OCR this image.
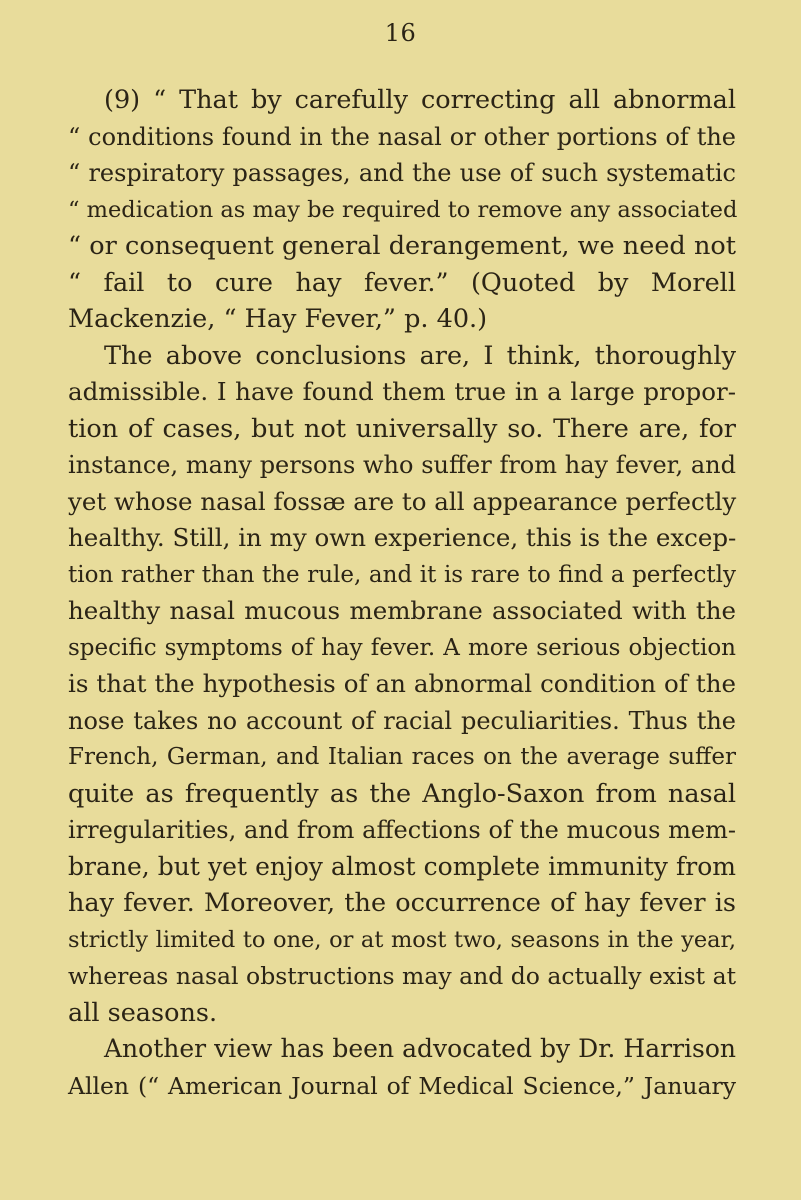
16
(9) “ That by carefully correcting all abnormal
“ conditions found in the nasal or other portions of the
“ respiratory passages, and the use of such systematic
“ medication as may be required to remove any associated
“ or consequent general derangement, we need not
“ fail to cure hay fever.” (Quoted by Morell
Mackenzie, “ Hay Fever,” p. 40.)
The above conclusions are, I think, thoroughly
admissible. I have found them true in a large propor-
tion of cases, but not universally so. There are, for
instance, many persons who suffer from hay fever, and
yet whose nasal fossæ are to all appearance perfectly
healthy. Still, in my own experience, this is the excep-
tion rather than the rule, and it is rare to find a perfectly
healthy nasal mucous membrane associated with the
specific symptoms of hay fever. A more serious objection
is that the hypothesis of an abnormal condition of the
nose takes no account of racial peculiarities. Thus the
French, German, and Italian races on the average suffer
quite as frequently as the Anglo-Saxon from nasal
irregularities, and from affections of the mucous mem-
brane, but yet enjoy almost complete immunity from
hay fever. Moreover, the occurrence of hay fever is
strictly limited to one, or at most two, seasons in the year,
whereas nasal obstructions may and do actually exist at
all seasons.
Another view has been advocated by Dr. Harrison
Allen (“ American Journal of Medical Science,” January
